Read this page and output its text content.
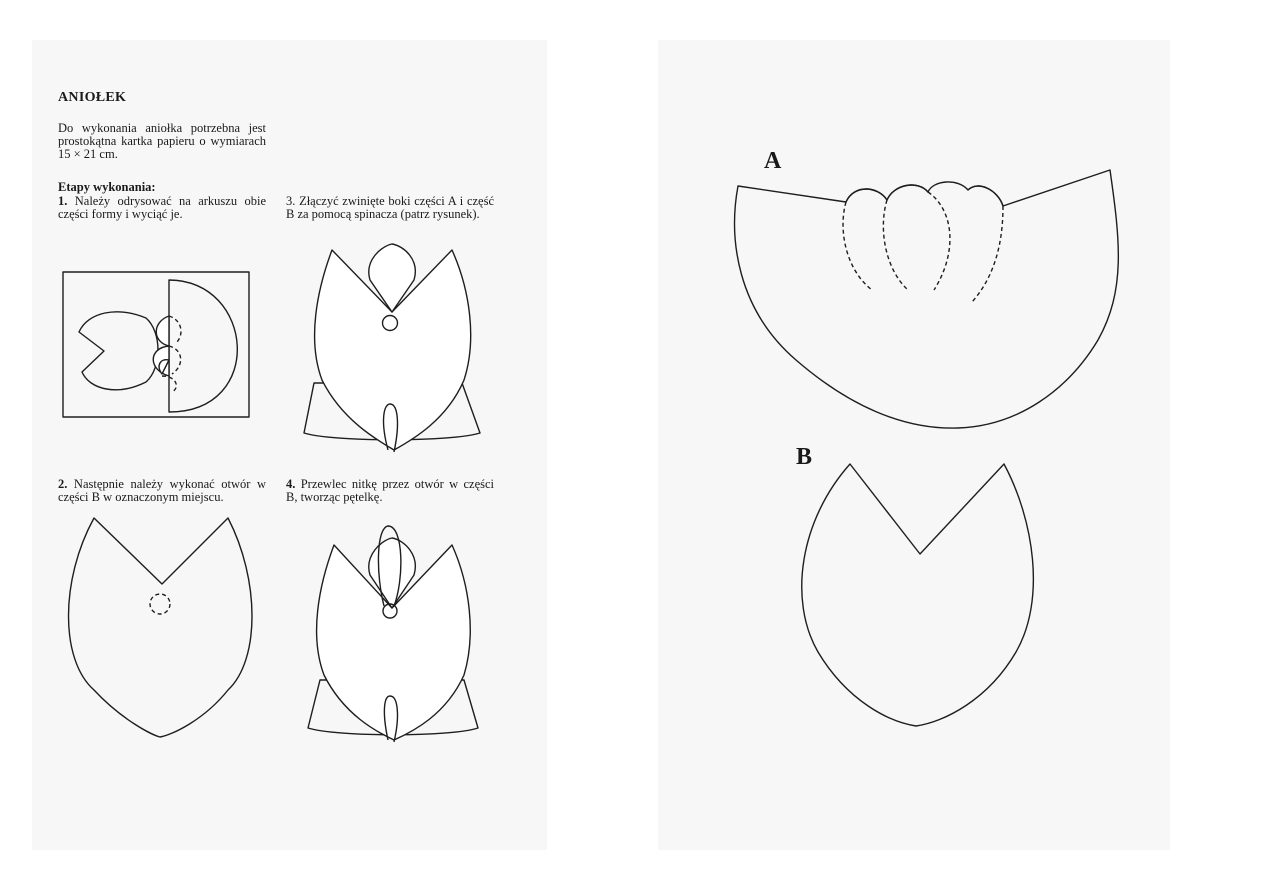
ANIOŁEK

Do wykonania aniołka potrzebna jest prostokątna kartka papieru o wymiarach 15 × 21 cm.

Etapy wykonania:
1. Należy odrysować na arkuszu obie części formy i wyciąć je.
3. Złączyć zwinięte boki części A i część B za pomocą spinacza (patrz rysunek).
2. Następnie należy wykonać otwór w części B w oznaczonym miejscu.
4. Przewlec nitkę przez otwór w części B, tworząc pętelkę.
A
B
